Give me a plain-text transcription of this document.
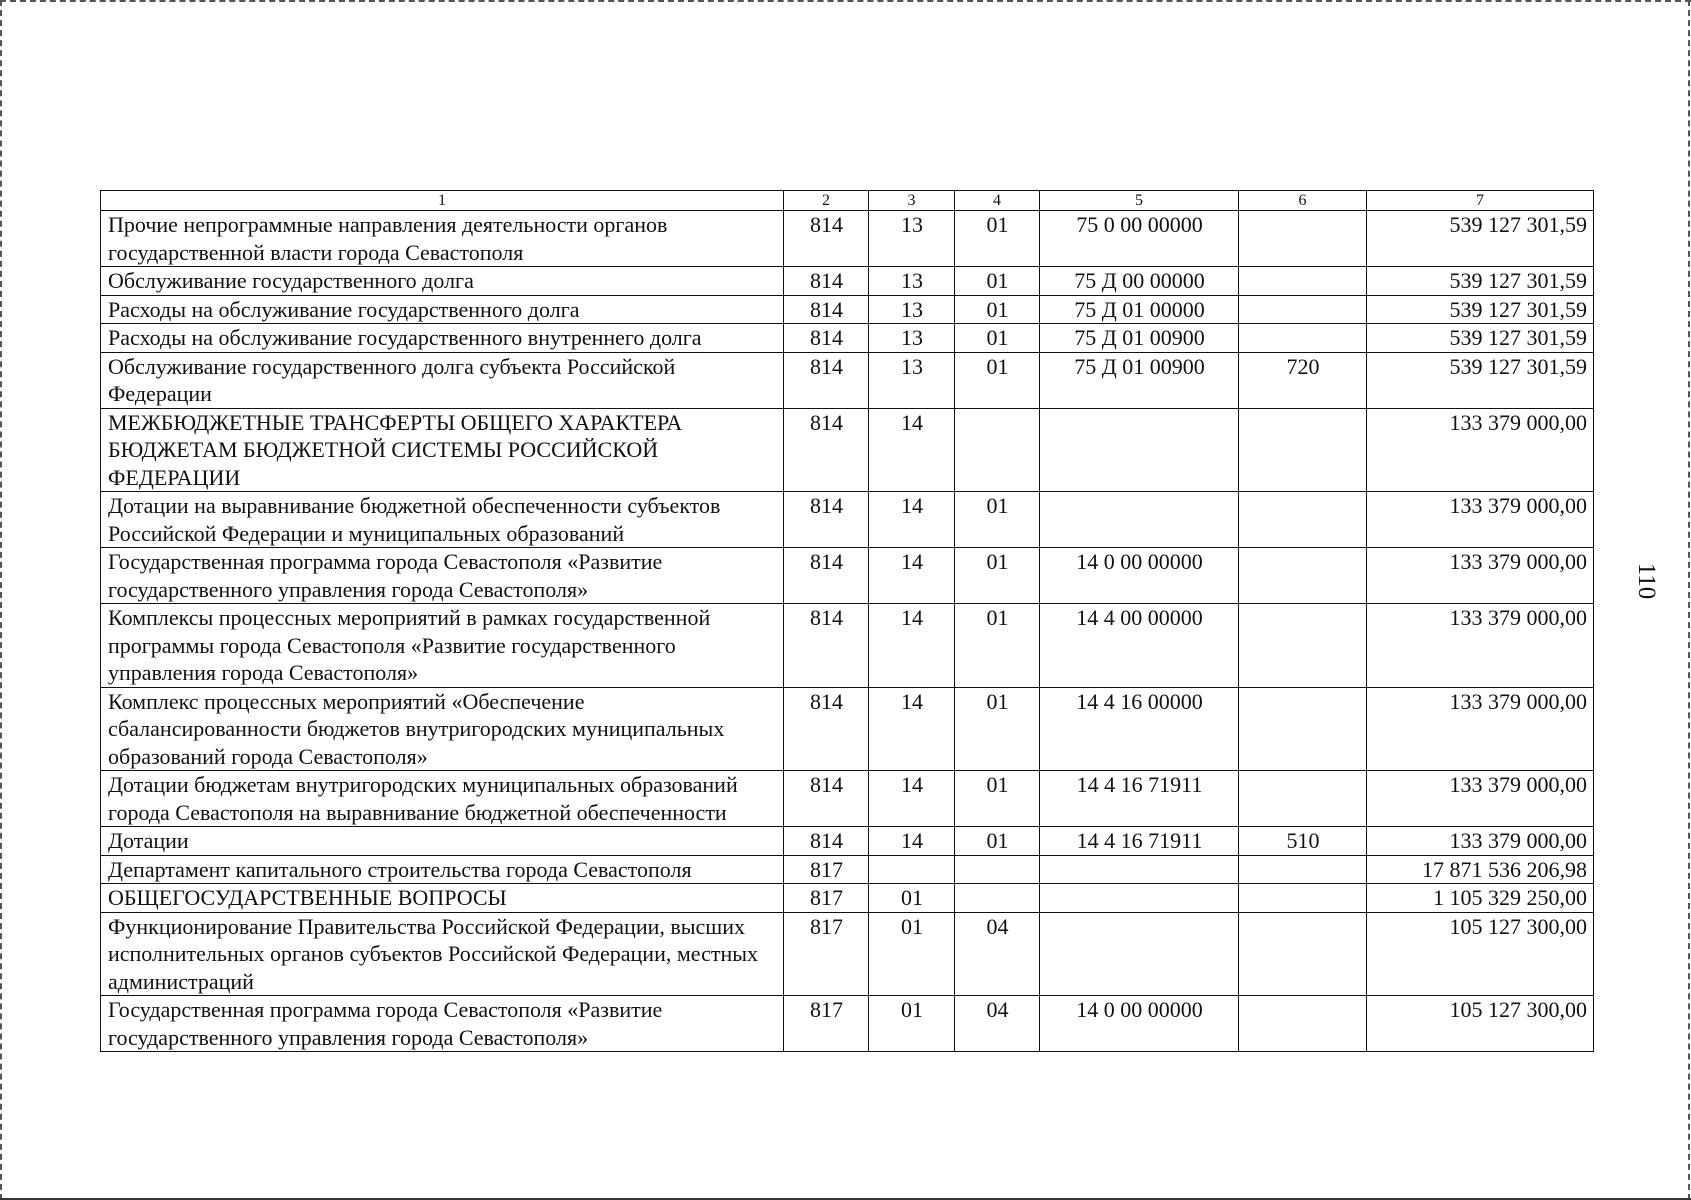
1	2	3	4	5	6	7
Прочие непрограммные направления деятельности органов государственной власти города Севастополя	814	13	01	75 0 00 00000		539 127 301,59
Обслуживание государственного долга	814	13	01	75 Д 00 00000		539 127 301,59
Расходы на обслуживание государственного долга	814	13	01	75 Д 01 00000		539 127 301,59
Расходы на обслуживание государственного внутреннего долга	814	13	01	75 Д 01 00900		539 127 301,59
Обслуживание государственного долга субъекта Российской Федерации	814	13	01	75 Д 01 00900	720	539 127 301,59
МЕЖБЮДЖЕТНЫЕ ТРАНСФЕРТЫ ОБЩЕГО ХАРАКТЕРА БЮДЖЕТАМ БЮДЖЕТНОЙ СИСТЕМЫ РОССИЙСКОЙ ФЕДЕРАЦИИ	814	14				133 379 000,00
Дотации на выравнивание бюджетной обеспеченности субъектов Российской Федерации и муниципальных образований	814	14	01			133 379 000,00
Государственная программа города Севастополя «Развитие государственного управления города Севастополя»	814	14	01	14 0 00 00000		133 379 000,00
Комплексы процессных мероприятий в рамках государственной программы города Севастополя «Развитие государственного управления города Севастополя»	814	14	01	14 4 00 00000		133 379 000,00
Комплекс процессных мероприятий «Обеспечение сбалансированности бюджетов внутригородских муниципальных образований города Севастополя»	814	14	01	14 4 16 00000		133 379 000,00
Дотации бюджетам внутригородских муниципальных образований города Севастополя на выравнивание бюджетной обеспеченности	814	14	01	14 4 16 71911		133 379 000,00
Дотации	814	14	01	14 4 16 71911	510	133 379 000,00
Департамент капитального строительства города Севастополя	817					17 871 536 206,98
ОБЩЕГОСУДАРСТВЕННЫЕ ВОПРОСЫ	817	01				1 105 329 250,00
Функционирование Правительства Российской Федерации, высших исполнительных органов субъектов Российской Федерации, местных администраций	817	01	04			105 127 300,00
Государственная программа города Севастополя «Развитие государственного управления города Севастополя»	817	01	04	14 0 00 00000		105 127 300,00
110
